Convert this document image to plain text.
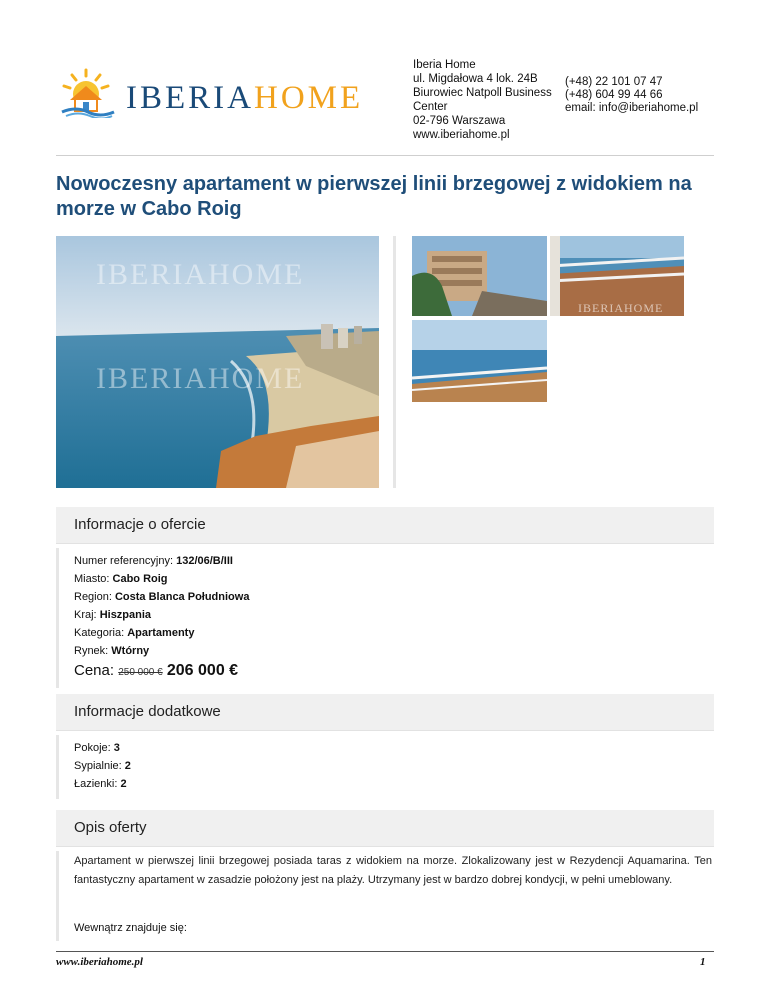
IBERIAHOME
Iberia Home
ul. Migdałowa 4 lok. 24B
Biurowiec Natpoll Business
Center
02-796 Warszawa
www.iberiahome.pl
(+48) 22 101 07 47
(+48) 604 99 44 66
email: info@iberiahome.pl
Nowoczesny apartament w pierwszej linii brzegowej z widokiem na morze w Cabo Roig
IBERIAHOME
IBERIAHOME
IBERIAHOME
Informacje o ofercie
Numer referencyjny: 132/06/B/III
Miasto: Cabo Roig
Region: Costa Blanca Południowa
Kraj: Hiszpania
Kategoria: Apartamenty
Rynek: Wtórny
Cena: 250 000 € 206 000 €
Informacje dodatkowe
Pokoje: 3
Sypialnie: 2
Łazienki: 2
Opis oferty
Apartament w pierwszej linii brzegowej posiada taras z widokiem na morze. Zlokalizowany jest w Rezydencji Aquamarina. Ten fantastyczny apartament w zasadzie położony jest na plaży. Utrzymany jest w bardzo dobrej kondycji, w pełni umeblowany.
Wewnątrz znajduje się:
www.iberiahome.pl	1
